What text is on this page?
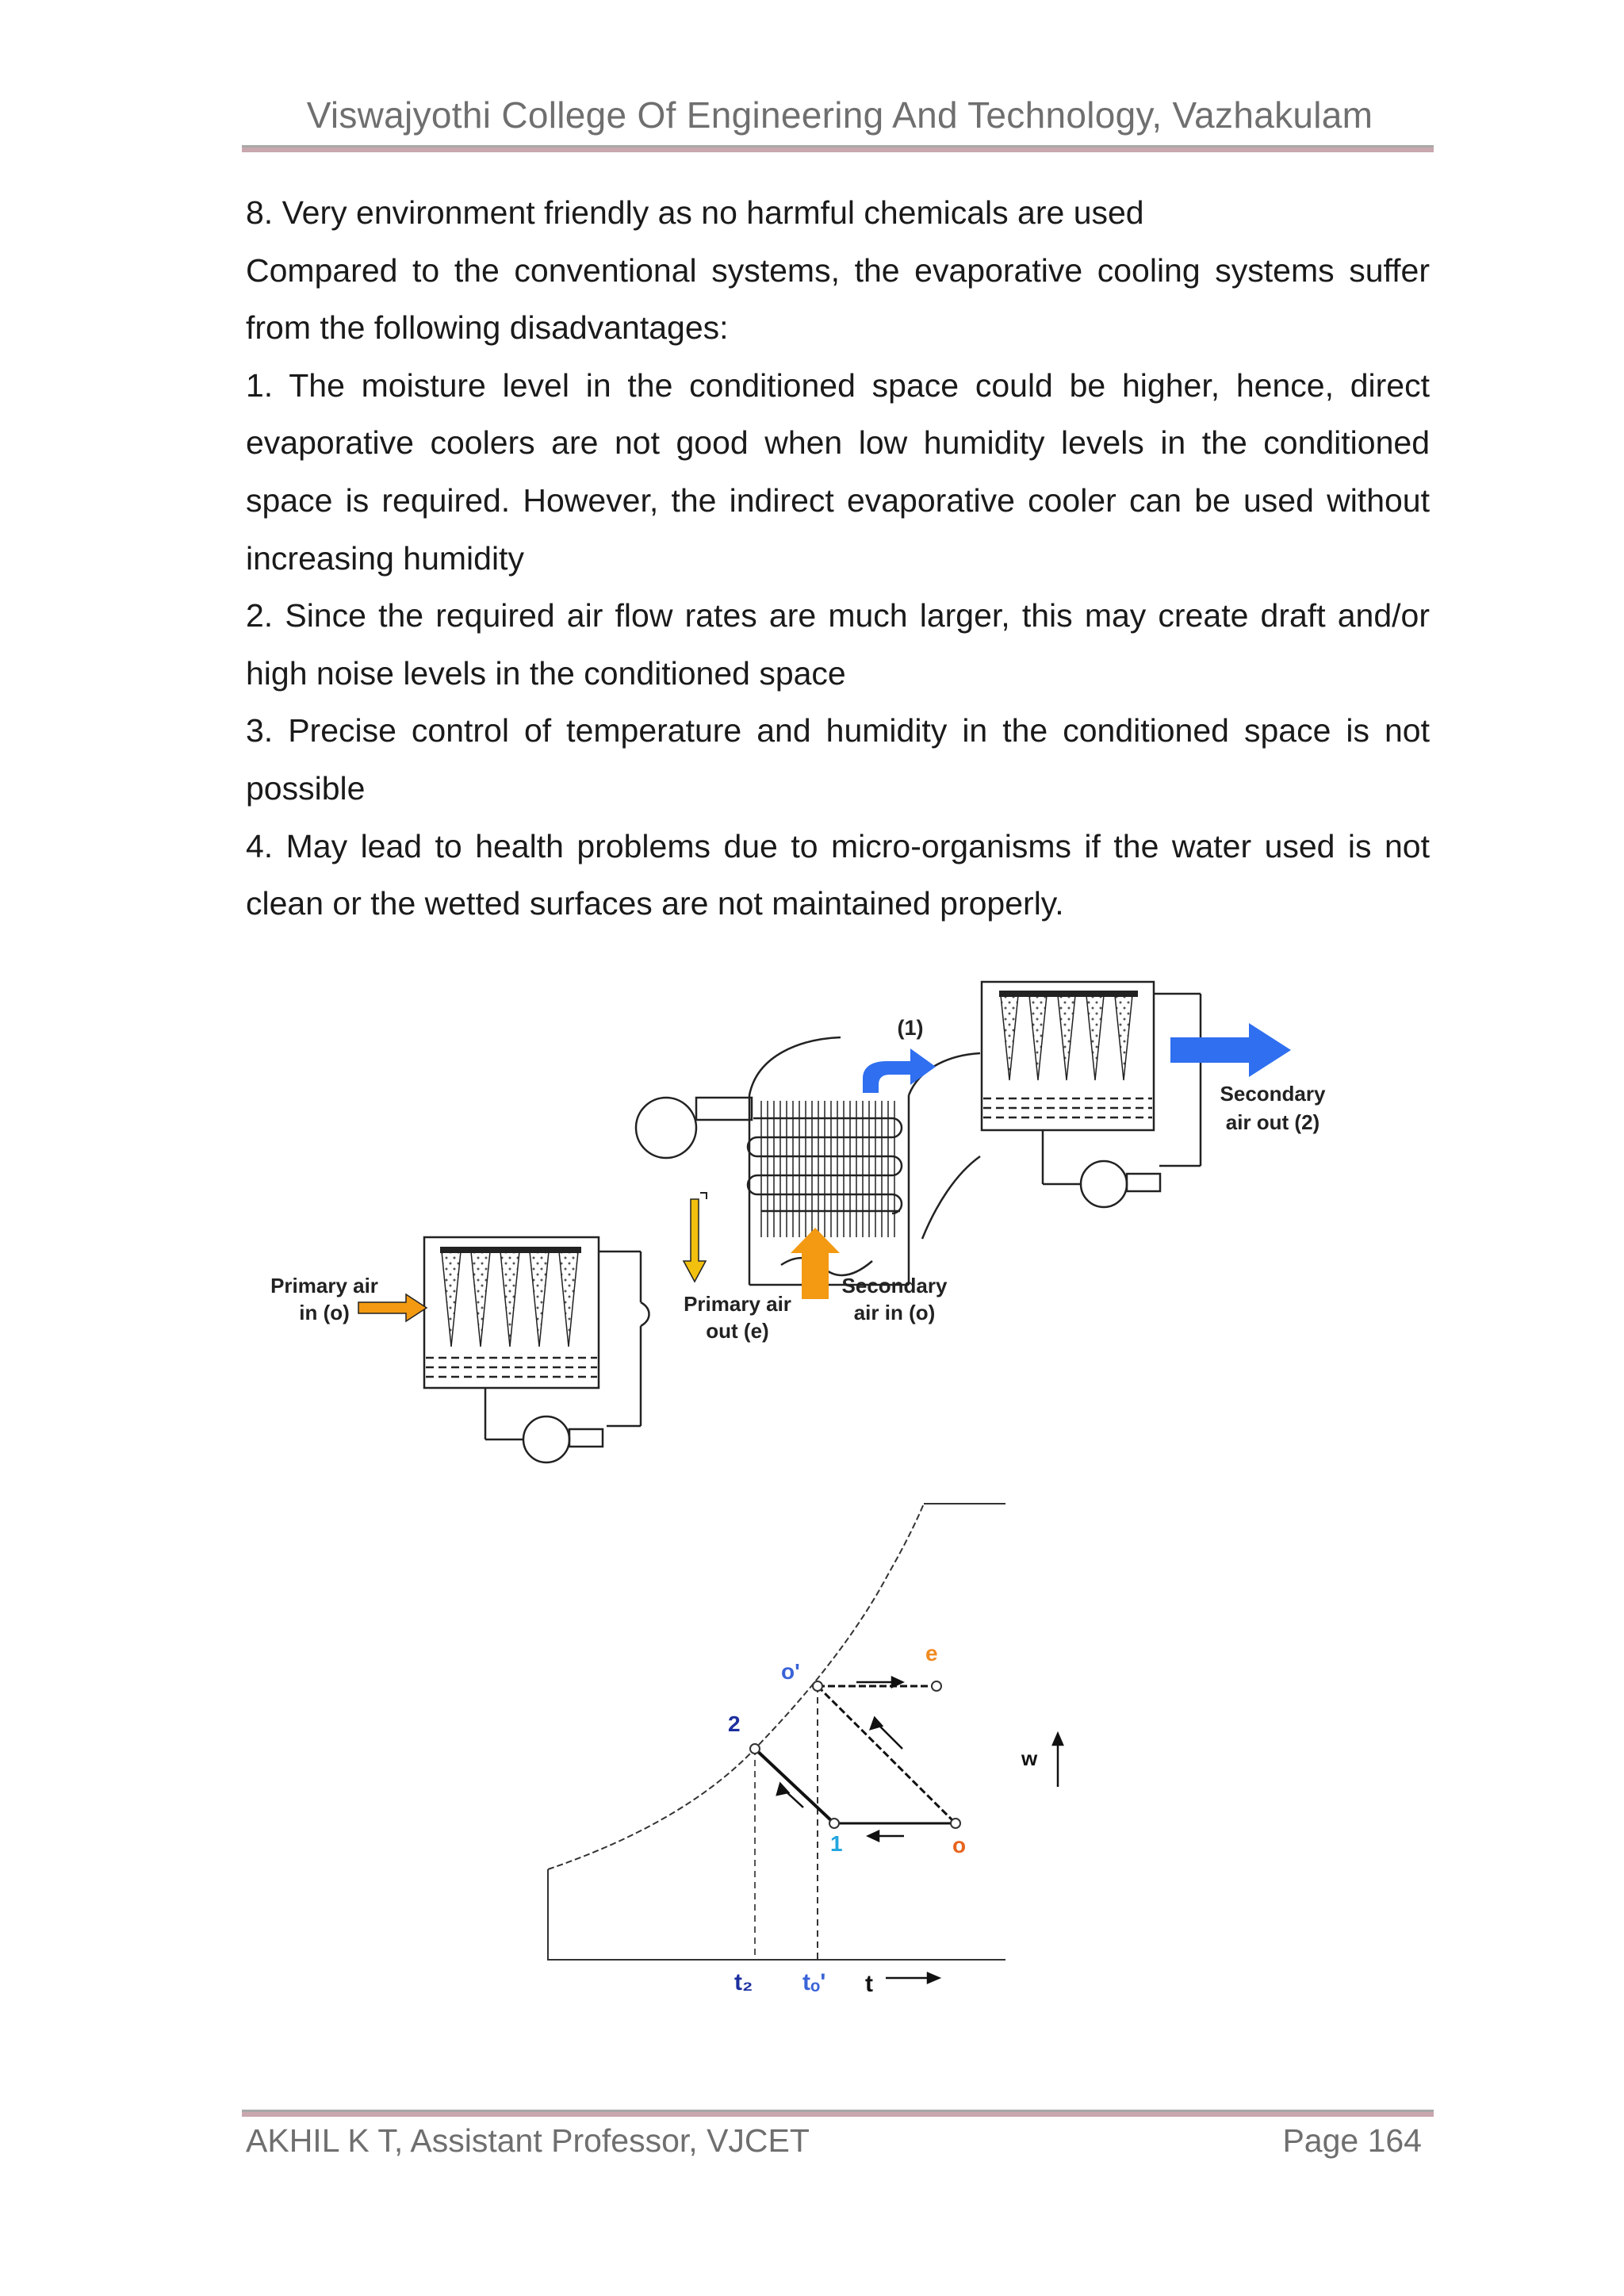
Viswajyothi College Of Engineering And Technology, Vazhakulam

8. Very environment friendly as no harmful chemicals are used

Compared to the conventional systems, the evaporative cooling systems suffer from the following disadvantages:

1. The moisture level in the conditioned space could be higher, hence, direct evaporative coolers are not good when low humidity levels in the conditioned space is required. However, the indirect evaporative cooler can be used without increasing humidity

2. Since the required air flow rates are much larger, this may create draft and/or high noise levels in the conditioned space

3. Precise control of temperature and humidity in the conditioned space is not possible

4. May lead to health problems due to micro-organisms if the water used is not clean or the wetted surfaces are not maintained properly.

Secondary
air out (2)
(1)
Primary air
out (e)
Secondary
air in (o)
Primary air
in (o)
o'
e
2
1	o
w
t₂ tₒ' t
AKHIL K T, Assistant Professor, VJCET	Page 164
